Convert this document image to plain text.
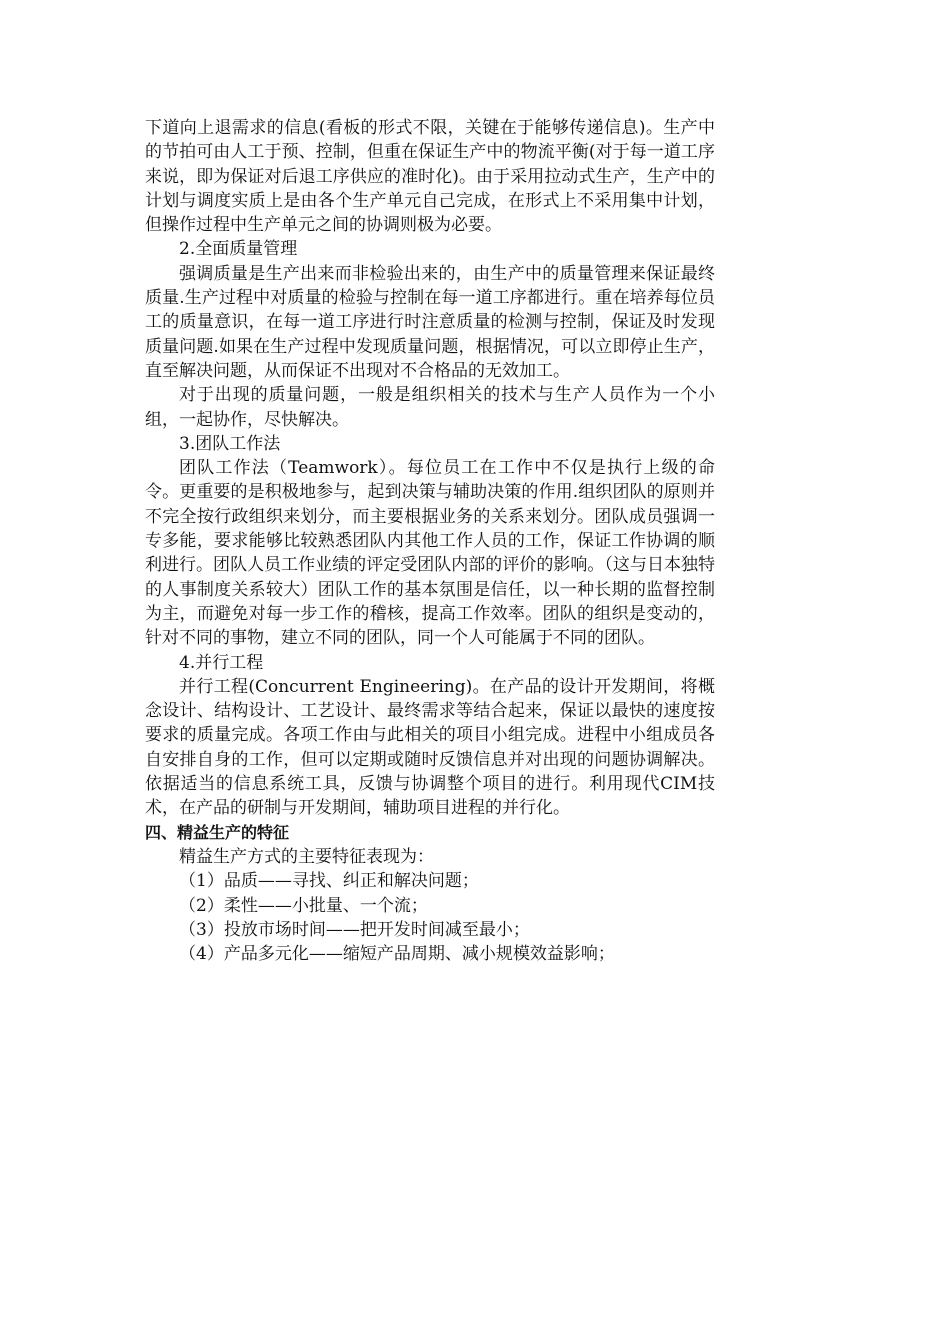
下道向上退需求的信息(看板的形式不限，关键在于能够传递信息)。生产中的节拍可由人工于预、控制，但重在保证生产中的物流平衡(对于每一道工序来说，即为保证对后退工序供应的准时化)。由于采用拉动式生产，生产中的计划与调度实质上是由各个生产单元自己完成，在形式上不采用集中计划，但操作过程中生产单元之间的协调则极为必要。

2.全面质量管理

强调质量是生产出来而非检验出来的，由生产中的质量管理来保证最终质量.生产过程中对质量的检验与控制在每一道工序都进行。重在培养每位员工的质量意识，在每一道工序进行时注意质量的检测与控制，保证及时发现质量问题.如果在生产过程中发现质量问题，根据情况，可以立即停止生产，直至解决问题，从而保证不出现对不合格品的无效加工。

对于出现的质量问题，一般是组织相关的技术与生产人员作为一个小组，一起协作，尽快解决。

3.团队工作法

团队工作法（Teamwork）。每位员工在工作中不仅是执行上级的命令。更重要的是积极地参与，起到决策与辅助决策的作用.组织团队的原则并不完全按行政组织来划分，而主要根据业务的关系来划分。团队成员强调一专多能，要求能够比较熟悉团队内其他工作人员的工作，保证工作协调的顺利进行。团队人员工作业绩的评定受团队内部的评价的影响。（这与日本独特的人事制度关系较大）团队工作的基本氛围是信任，以一种长期的监督控制为主，而避免对每一步工作的稽核，提高工作效率。团队的组织是变动的，针对不同的事物，建立不同的团队，同一个人可能属于不同的团队。

4.并行工程

并行工程(Concurrent Engineering)。在产品的设计开发期间，将概念设计、结构设计、工艺设计、最终需求等结合起来，保证以最快的速度按要求的质量完成。各项工作由与此相关的项目小组完成。进程中小组成员各自安排自身的工作，但可以定期或随时反馈信息并对出现的问题协调解决。依据适当的信息系统工具，反馈与协调整个项目的进行。利用现代CIM技术，在产品的研制与开发期间，辅助项目进程的并行化。

四、精益生产的特征

精益生产方式的主要特征表现为：

（1）品质——寻找、纠正和解决问题；

（2）柔性——小批量、一个流；

（3）投放市场时间——把开发时间减至最小；

（4）产品多元化——缩短产品周期、减小规模效益影响；
